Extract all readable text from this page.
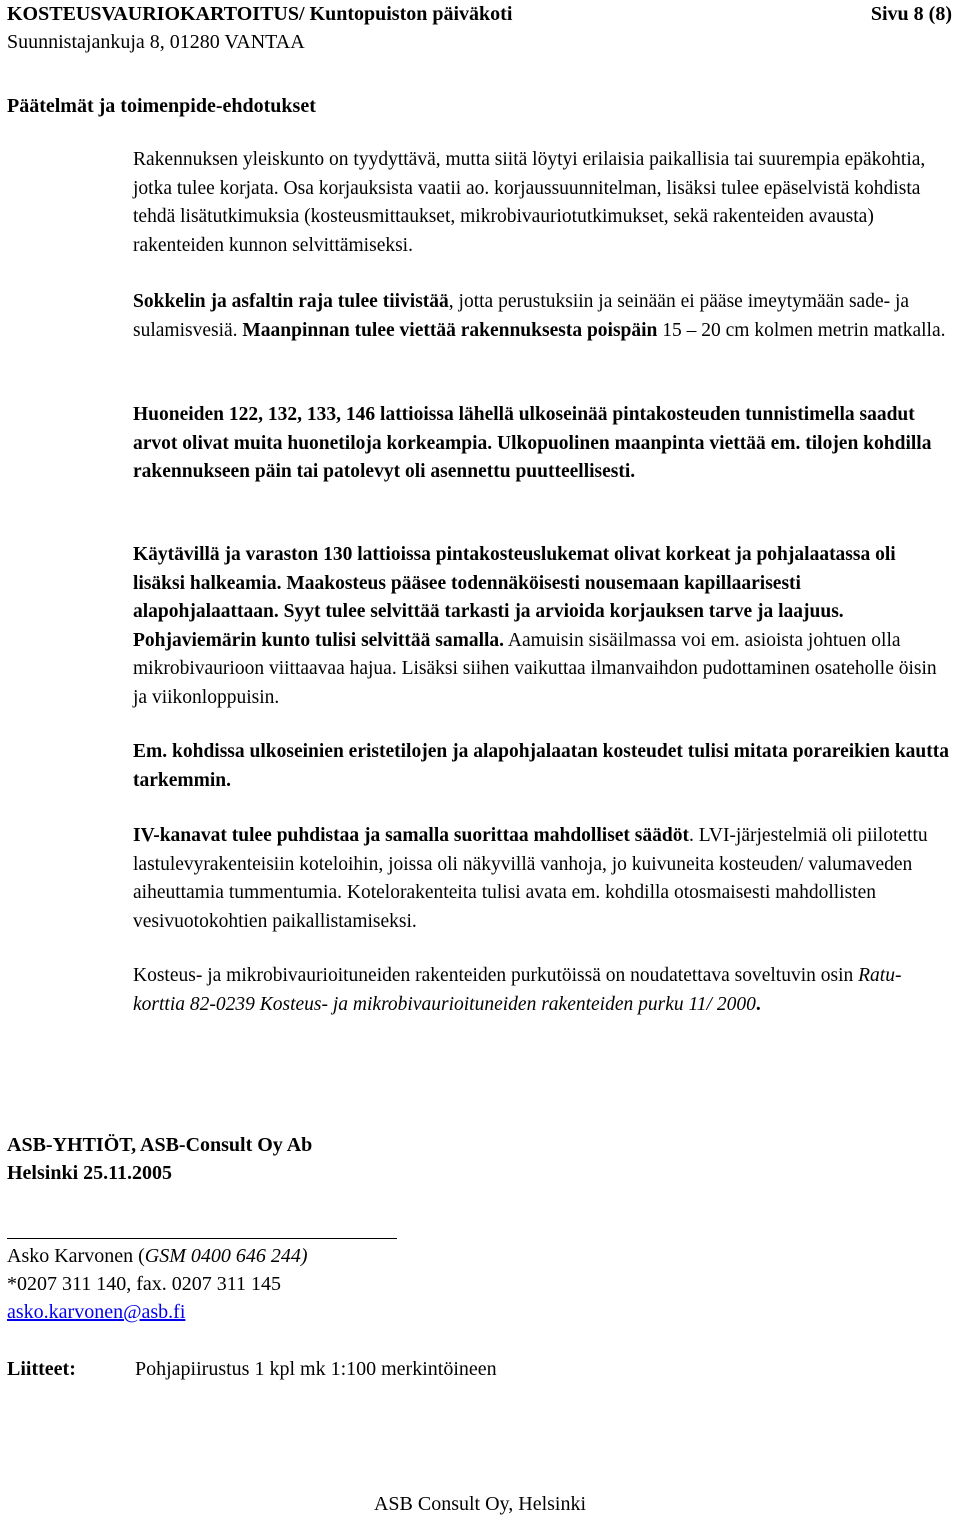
KOSTEUSVAURIOKARTOITUS/ Kuntopuiston päiväkoti
Suunnistajankuja 8, 01280 VANTAA
Sivu 8 (8)
Päätelmät ja toimenpide-ehdotukset
Rakennuksen yleiskunto on tyydyttävä, mutta siitä löytyi erilaisia paikallisia tai suurempia epäkohtia, jotka tulee korjata. Osa korjauksista vaatii ao. korjaussuunnitelman, lisäksi tulee epäselvistä kohdista tehdä lisätutkimuksia (kosteusmittaukset, mikrobivauriotutkimukset, sekä rakenteiden avausta) rakenteiden kunnon selvittämiseksi.
Sokkelin ja asfaltin raja tulee tiivistää, jotta perustuksiin ja seinään ei pääse imeytymään sade- ja sulamisvesiä. Maanpinnan tulee viettää rakennuksesta poispäin 15 – 20 cm kolmen metrin matkalla.
Huoneiden 122, 132, 133, 146 lattioissa lähellä ulkoseinää pintakosteuden tunnistimella saadut arvot olivat muita huonetiloja korkeampia. Ulkopuolinen maanpinta viettää em. tilojen kohdilla rakennukseen päin tai patolevyt oli asennettu puutteellisesti.
Käytävillä ja varaston 130 lattioissa pintakosteuslukemat olivat korkeat ja pohjalaatassa oli lisäksi halkeamia. Maakosteus pääsee todennäköisesti nousemaan kapillaarisesti alapohjalaattaan. Syyt tulee selvittää tarkasti ja arvioida korjauksen tarve ja laajuus. Pohjaviemärin kunto tulisi selvittää samalla. Aamuisin sisäilmassa voi em. asioista johtuen olla mikrobivaurioon viittaavaa hajua. Lisäksi siihen vaikuttaa ilmanvaihdon pudottaminen osateholle öisin ja viikonloppuisin.
Em. kohdissa ulkoseinien eristetilojen ja alapohjalaatan kosteudet tulisi mitata porareikien kautta tarkemmin.
IV-kanavat tulee puhdistaa ja samalla suorittaa mahdolliset säädöt. LVI-järjestelmiä oli piilotettu lastulevyrakenteisiin koteloihin, joissa oli näkyvillä vanhoja, jo kuivuneita kosteuden/ valumaveden aiheuttamia tummentumia. Kotelorakenteita tulisi avata em. kohdilla otosmaisesti mahdollisten vesivuotokohtien paikallistamiseksi.
Kosteus- ja mikrobivaurioituneiden rakenteiden purkutöissä on noudatettava soveltuvin osin Ratu-korttia 82-0239 Kosteus- ja mikrobivaurioituneiden rakenteiden purku 11/ 2000.
ASB-YHTIÖT, ASB-Consult Oy Ab
Helsinki 25.11.2005
Asko Karvonen (GSM 0400 646 244)
*0207 311 140, fax. 0207 311 145
asko.karvonen@asb.fi
Liitteet:	Pohjapiirustus 1 kpl mk 1:100 merkintöineen
ASB Consult Oy, Helsinki
